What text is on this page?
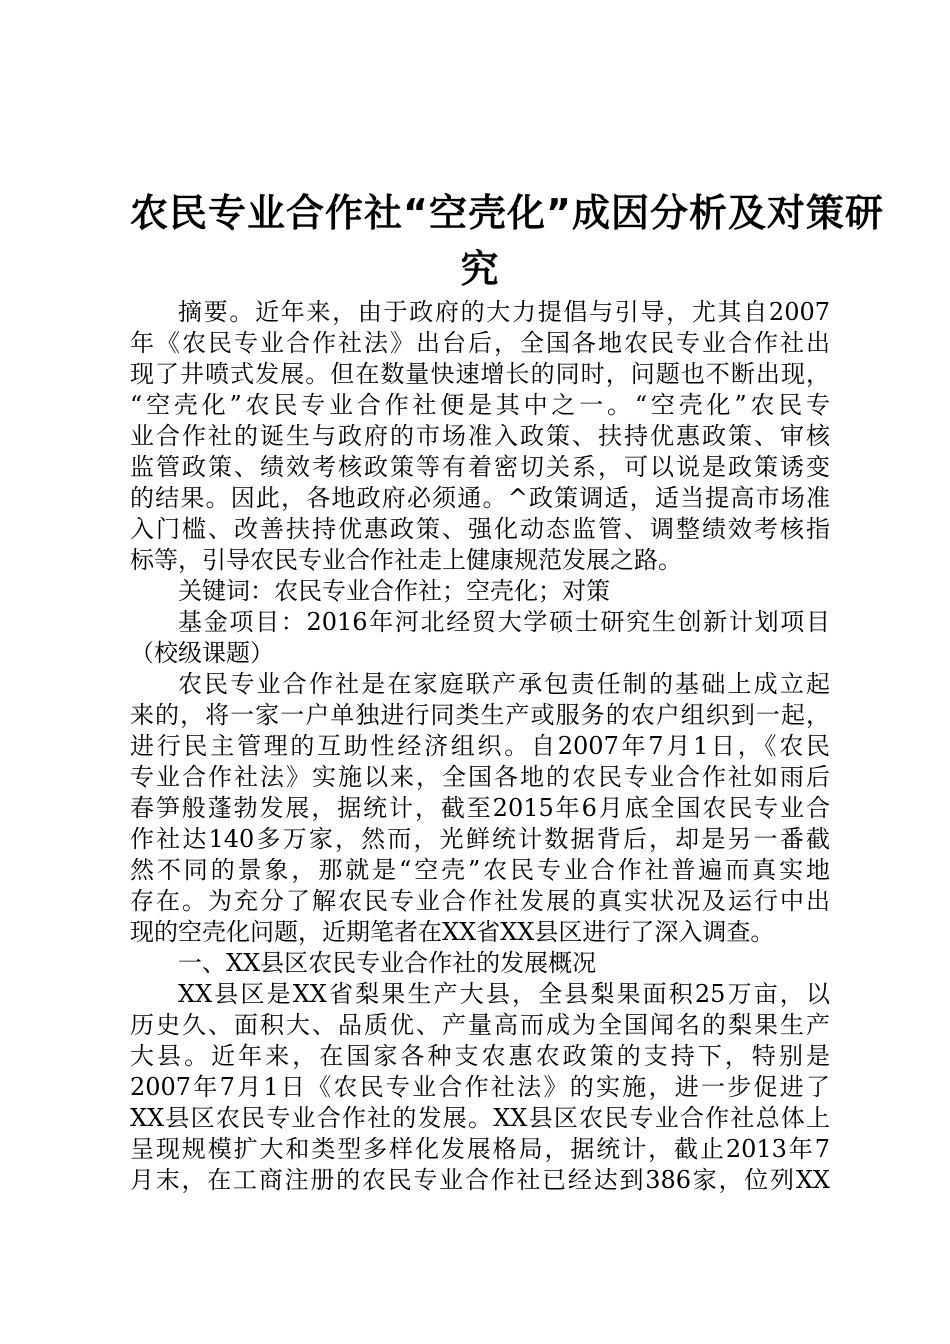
农民专业合作社“空壳化”成因分析及对策研
究
摘要。近年来，由于政府的大力提倡与引导，尤其自2007
年《农民专业合作社法》出台后，全国各地农民专业合作社出
现了井喷式发展。但在数量快速增长的同时，问题也不断出现，
“空壳化”农民专业合作社便是其中之一。“空壳化”农民专
业合作社的诞生与政府的市场准入政策、扶持优惠政策、审核
监管政策、绩效考核政策等有着密切关系，可以说是政策诱变
的结果。因此，各地政府必须通。^政策调适，适当提高市场准
入门槛、改善扶持优惠政策、强化动态监管、调整绩效考核指
标等，引导农民专业合作社走上健康规范发展之路。
关键词：农民专业合作社；空壳化；对策
基金项目：2016年河北经贸大学硕士研究生创新计划项目
（校级课题）
农民专业合作社是在家庭联产承包责任制的基础上成立起
来的，将一家一户单独进行同类生产或服务的农户组织到一起，
进行民主管理的互助性经济组织。自2007年7月1日，《农民
专业合作社法》实施以来，全国各地的农民专业合作社如雨后
春笋般蓬勃发展，据统计，截至2015年6月底全国农民专业合
作社达140多万家，然而，光鲜统计数据背后，却是另一番截
然不同的景象，那就是“空壳”农民专业合作社普遍而真实地
存在。为充分了解农民专业合作社发展的真实状况及运行中出
现的空壳化问题，近期笔者在XX省XX县区进行了深入调查。
一、XX县区农民专业合作社的发展概况
XX县区是XX省梨果生产大县，全县梨果面积25万亩，以
历史久、面积大、品质优、产量高而成为全国闻名的梨果生产
大县。近年来，在国家各种支农惠农政策的支持下，特别是
2007年7月1日《农民专业合作社法》的实施，进一步促进了
XX县区农民专业合作社的发展。XX县区农民专业合作社总体上
呈现规模扩大和类型多样化发展格局，据统计，截止2013年7
月末，在工商注册的农民专业合作社已经达到386家，位列XX
